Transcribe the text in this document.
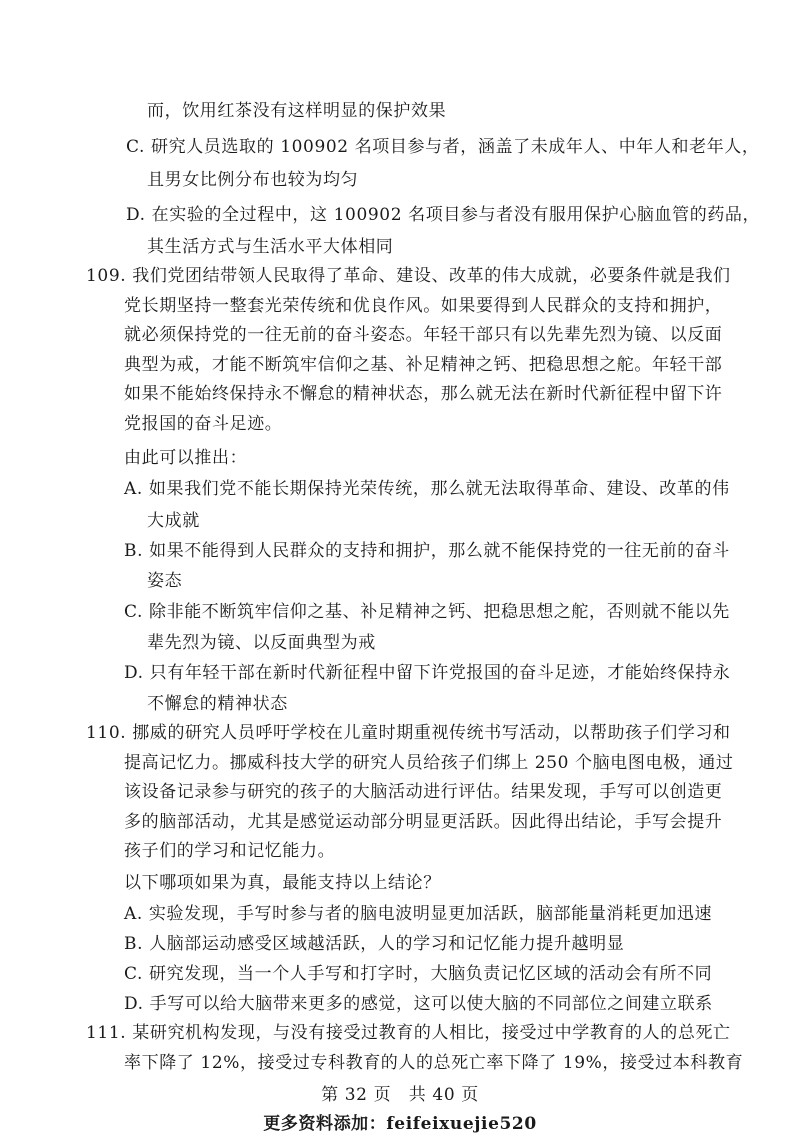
而，饮用红茶没有这样明显的保护效果
C. 研究人员选取的 100902 名项目参与者，涵盖了未成年人、中年人和老年人，
且男女比例分布也较为均匀
D. 在实验的全过程中，这 100902 名项目参与者没有服用保护心脑血管的药品，
其生活方式与生活水平大体相同
109. 我们党团结带领人民取得了革命、建设、改革的伟大成就，必要条件就是我们
党长期坚持一整套光荣传统和优良作风。如果要得到人民群众的支持和拥护，
就必须保持党的一往无前的奋斗姿态。年轻干部只有以先辈先烈为镜、以反面
典型为戒，才能不断筑牢信仰之基、补足精神之钙、把稳思想之舵。年轻干部
如果不能始终保持永不懈怠的精神状态，那么就无法在新时代新征程中留下许
党报国的奋斗足迹。
由此可以推出：
A. 如果我们党不能长期保持光荣传统，那么就无法取得革命、建设、改革的伟
大成就
B. 如果不能得到人民群众的支持和拥护，那么就不能保持党的一往无前的奋斗
姿态
C. 除非能不断筑牢信仰之基、补足精神之钙、把稳思想之舵，否则就不能以先
辈先烈为镜、以反面典型为戒
D. 只有年轻干部在新时代新征程中留下许党报国的奋斗足迹，才能始终保持永
不懈怠的精神状态
110. 挪威的研究人员呼吁学校在儿童时期重视传统书写活动，以帮助孩子们学习和
提高记忆力。挪威科技大学的研究人员给孩子们绑上 250 个脑电图电极，通过
该设备记录参与研究的孩子的大脑活动进行评估。结果发现，手写可以创造更
多的脑部活动，尤其是感觉运动部分明显更活跃。因此得出结论，手写会提升
孩子们的学习和记忆能力。
以下哪项如果为真，最能支持以上结论？
A. 实验发现，手写时参与者的脑电波明显更加活跃，脑部能量消耗更加迅速
B. 人脑部运动感受区域越活跃，人的学习和记忆能力提升越明显
C. 研究发现，当一个人手写和打字时，大脑负责记忆区域的活动会有所不同
D. 手写可以给大脑带来更多的感觉，这可以使大脑的不同部位之间建立联系
111. 某研究机构发现，与没有接受过教育的人相比，接受过中学教育的人的总死亡
率下降了 12%，接受过专科教育的人的总死亡率下降了 19%，接受过本科教育
第 32 页　共 40 页
更多资料添加：feifeixuejie520
